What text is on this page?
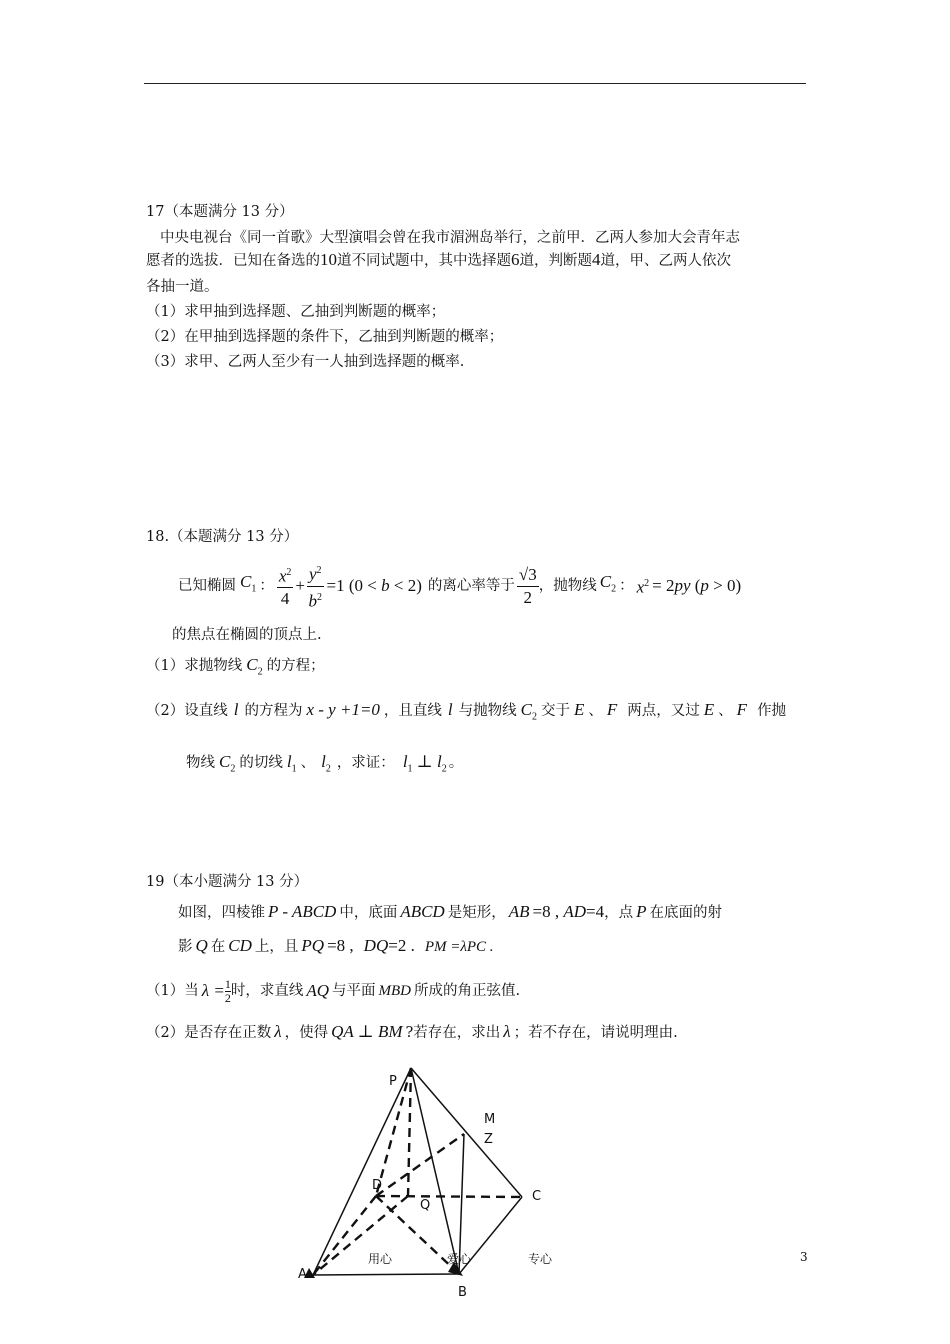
17（本题满分 13 分）
中央电视台《同一首歌》大型演唱会曾在我市湄洲岛举行，之前甲．乙两人参加大会青年志
愿者的选拔．已知在备选的10道不同试题中，其中选择题6道，判断题4道，甲、乙两人依次
各抽一道。
（1）求甲抽到选择题、乙抽到判断题的概率；
（2）在甲抽到选择题的条件下，乙抽到判断题的概率；
（3）求甲、乙两人至少有一人抽到选择题的概率.
18.（本题满分 13 分）
已知椭圆 $C_1$ ： $\frac{x^2}{4} + \frac{y^2}{b^2} =1$ (0 < b < 2) 的离心率等于 $\frac{√3}{2}$ ，抛物线 $C_2$ ： $x^2 = 2py$ (p > 0)
的焦点在椭圆的顶点上.
（1）求抛物线 $C_2$ 的方程；
（2）设直线 l 的方程为 x - y +1=0 ，且直线 l 与抛物线 $C_2$ 交于 E 、 F 两点，又过 E 、 F 作抛
物线 $C_2$ 的切线 $l_1$ 、 $l_2$ ，求证： $l_1$ ⊥ $l_2$ 。
19（本小题满分 13 分）
如图，四棱锥 P - ABCD 中，底面 ABCD 是矩形， AB =8 , AD=4，点 P 在底面的射
影 Q 在 CD 上，且 PQ =8 , DQ=2 . PM =λPC .
（1）当 $\lambda = \frac{1}{2}$ 时，求直线 AQ 与平面 MBD 所成的角正弦值.
（2）是否存在正数 λ ，使得 QA ⊥ BM ?若存在，求出 λ ；若不存在，请说明理由.
P
M
Z
D
Q
C
A
B
用心	爱心	专心	3
